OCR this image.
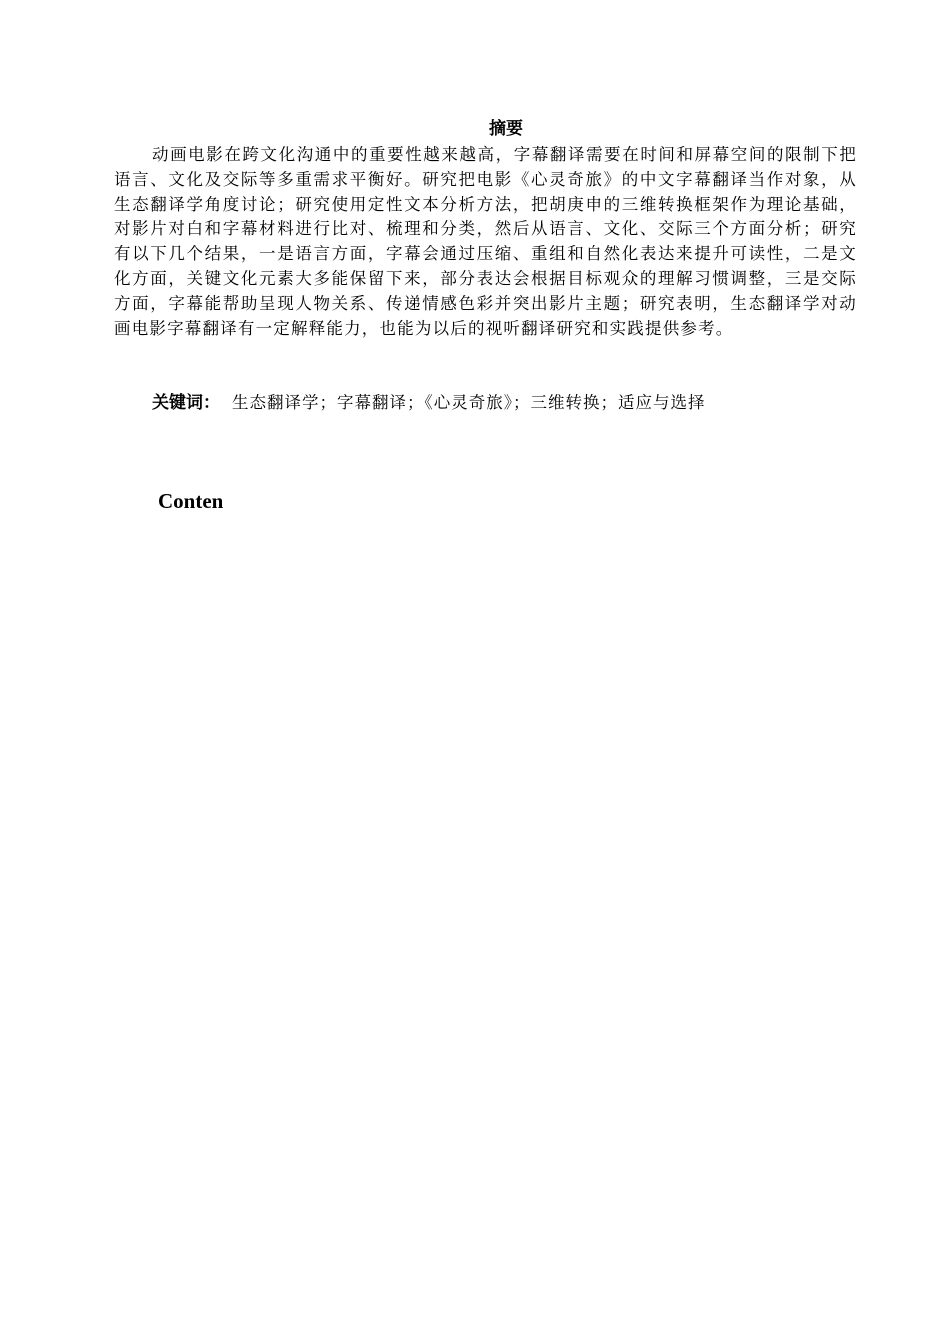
摘要

动画电影在跨文化沟通中的重要性越来越高，字幕翻译需要在时间和屏幕空间的限制下把语言、文化及交际等多重需求平衡好。研究把电影《心灵奇旅》的中文字幕翻译当作对象，从生态翻译学角度讨论；研究使用定性文本分析方法，把胡庚申的三维转换框架作为理论基础，对影片对白和字幕材料进行比对、梳理和分类，然后从语言、文化、交际三个方面分析；研究有以下几个结果，一是语言方面，字幕会通过压缩、重组和自然化表达来提升可读性，二是文化方面，关键文化元素大多能保留下来，部分表达会根据目标观众的理解习惯调整，三是交际方面，字幕能帮助呈现人物关系、传递情感色彩并突出影片主题；研究表明，生态翻译学对动画电影字幕翻译有一定解释能力，也能为以后的视听翻译研究和实践提供参考。

关键词： 生态翻译学；字幕翻译；《心灵奇旅》；三维转换；适应与选择

Conten
